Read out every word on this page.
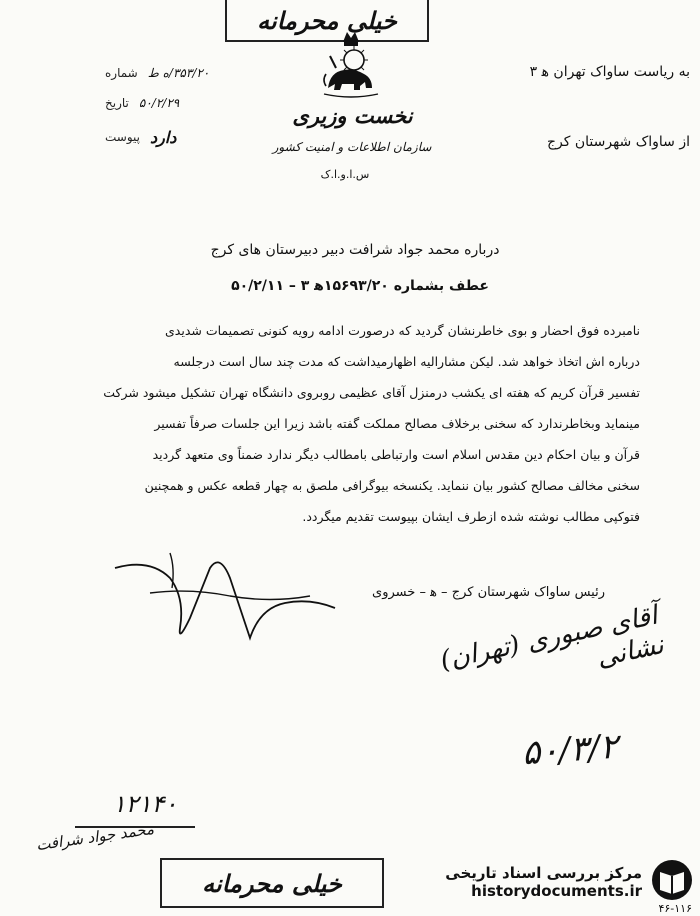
خیلی محرمانه
شماره ۳۵۳/۲۰/ه‌ ط
تاریخ ۵۰/۲/۲۹
پیوست دارد
نخست وزیری
سازمان اطلاعات و امنیت کشور
س.ا.و.ا.ک
به ریاست ساواک تهران ه‍ ۳
از ساواک شهرستان کرج
درباره محمد جواد شرافت دبیر دبیرستان های کرج
عطف بشماره ۱۵۶۹۳/۲۰ه‍ ۳ – ۵۰/۲/۱۱

نامبرده فوق احضار و بوی خاطرنشان گردید که درصورت ادامه رویه کنونی تصمیمات شدیدی

درباره اش اتخاذ خواهد شد. لیکن مشارالیه اظهارمیداشت که مدت چند سال است درجلسه

تفسیر قرآن کریم که هفته ای یکشب درمنزل آقای عظیمی روبروی دانشگاه تهران تشکیل میشود شرکت

مینماید وبخاطرندارد که سخنی برخلاف مصالح مملکت گفته باشد زیرا این جلسات صرفاً تفسیر

قرآن و بیان احکام دین مقدس اسلام است وارتباطی بامطالب دیگر ندارد ضمناً وی متعهد گردید

سخنی مخالف مصالح کشور بیان ننماید. یکنسخه بیوگرافی ملصق به چهار قطعه عکس و همچنین

فتوکپی مطالب نوشته شده ازطرف ایشان بپیوست تقدیم میگردد.

رئیس ساواک شهرستان کرج – ه‍ – خسروی
آقای صبوری (تهران) نشانی
۵۰/۳/۲
۱۲۱۴۰
محمد جواد شرافت
خیلی محرمانه	مرکز بررسی اسناد تاریخی
historydocuments.ir
۴۶-۱۱۶
